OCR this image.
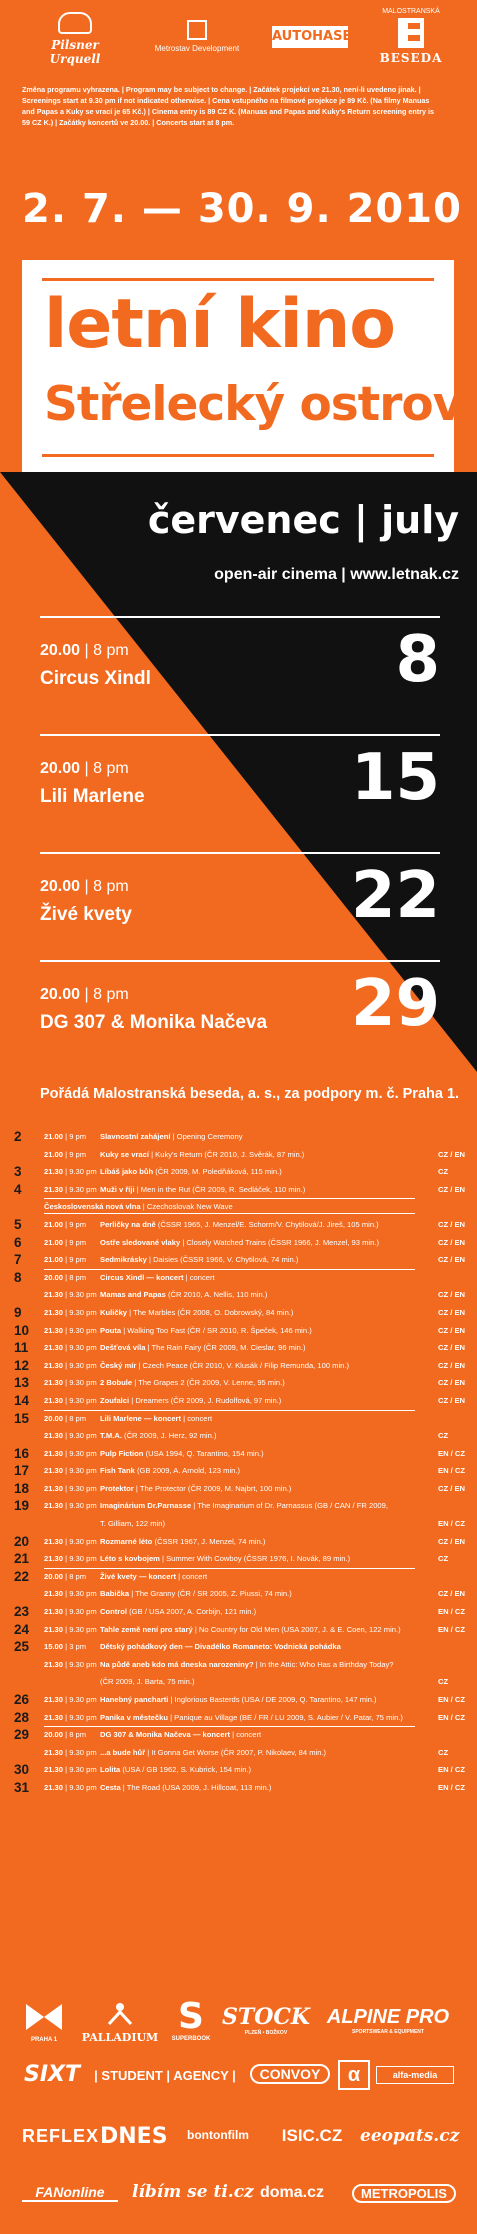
Pilsner Urquell
Metrostav Development
AUTOHASE
MALOSTRANSKÁ
BESEDA
Změna programu vyhrazena. | Program may be subject to change. | Začátek projekcí ve 21.30, není-li uvedeno jinak. | Screenings start at 9.30 pm if not indicated otherwise. | Cena vstupného na filmové projekce je 89 Kč. (Na filmy Manuas and Papas a Kuky se vrací je 65 Kč.) | Cinema entry is 89 CZ K. (Manuas and Papas and Kuky's Return screening entry is 59 CZ K.) | Začátky koncertů ve 20.00. | Concerts start at 8 pm.
2. 7. — 30. 9. 2010
letní kino
Střelecký ostrov
červenec | july
open-air cinema | www.letnak.cz
20.00 | 8 pm
Circus Xindl	8
20.00 | 8 pm
Lili Marlene	15
20.00 | 8 pm
Živé kvety	22
20.00 | 8 pm
DG 307 & Monika Načeva 29
Pořádá Malostranská beseda, a. s., za podpory m. č. Praha 1.
2	21.00 | 9 pm	Slavnostní zahájení | Opening Ceremony
21.00 | 9 pm	Kuky se vrací | Kuky's Return (ČR 2010, J. Svěrák, 87 min.)	CZ / EN
3	21.30 | 9.30 pm Líbáš jako bůh (ČR 2009, M. Poledňáková, 115 min.)	CZ
4	21.30 | 9.30 pm Muži v říji | Men in the Rut (ČR 2009, R. Sedláček, 110 min.)	CZ / EN
Československá nová vlna | Czechoslovak New Wave
5	21.00 | 9 pm	Perličky na dně (ČSSR 1965, J. Menzel/E. Schorm/V. Chytilová/J. Jireš, 105 min.)	CZ / EN
6	21.00 | 9 pm	Ostře sledované vlaky | Closely Watched Trains (ČSSR 1966, J. Menzel, 93 min.)	CZ / EN
7	21.00 | 9 pm	Sedmikrásky | Daisies (ČSSR 1966, V. Chytilová, 74 min.)	CZ / EN
8	20.00 | 8 pm	Circus Xindl — koncert | concert
21.30 | 9.30 pm Mamas and Papas (ČR 2010, A. Nellis, 110 min.)	CZ / EN
9	21.30 | 9.30 pm Kuličky | The Marbles (ČR 2008, O. Dobrowský, 84 min.)	CZ / EN
10	21.30 | 9.30 pm Pouta | Walking Too Fast (ČR / SR 2010, R. Špeček, 146 min.)	CZ / EN
11	21.30 | 9.30 pm Dešťová víla | The Rain Fairy (ČR 2009, M. Cieslar, 96 min.)	CZ / EN
12	21.30 | 9.30 pm Český mír | Czech Peace (ČR 2010, V. Klusák / Filip Remunda, 100 min.)	CZ / EN
13	21.30 | 9.30 pm 2 Bobule | The Grapes 2 (ČR 2009, V. Lenne, 95 min.)	CZ / EN
14	21.30 | 9.30 pm Zoufalci | Dreamers (ČR 2009, J. Rudolfová, 97 min.)	CZ / EN
15	20.00 | 8 pm	Lili Marlene — koncert | concert
21.30 | 9.30 pm T.M.A. (ČR 2009, J. Herz, 92 min.)	CZ
16	21.30 | 9.30 pm Pulp Fiction (USA 1994, Q. Tarantino, 154 min.)	EN / CZ
17	21.30 | 9.30 pm Fish Tank (GB 2009, A. Arnold, 123 min.)	EN / CZ
18	21.30 | 9.30 pm Protektor | The Protector (ČR 2009, M. Najbrt, 100 min.)	CZ / EN
19	21.30 | 9.30 pm Imaginárium Dr.Parnasse | The Imaginarium of Dr. Parnassus (GB / CAN / FR 2009,
T. Gilliam, 122 min)	EN / CZ
20	21.30 | 9.30 pm Rozmarné léto (ČSSR 1967, J. Menzel, 74 min.)	CZ / EN
21	21.30 | 9.30 pm Léto s kovbojem | Summer With Cowboy (ČSSR 1976, I. Novák, 89 min.)	CZ
22	20.00 | 8 pm	Živé kvety — koncert | concert
21.30 | 9.30 pm Babička | The Granny (ČR / SR 2005, Z. Piussi, 74 min.)	CZ / EN
23	21.30 | 9.30 pm Control (GB / USA 2007, A. Corbijn, 121 min.)	EN / CZ
24	21.30 | 9.30 pm Tahle země není pro starý | No Country for Old Men (USA 2007, J. & E. Coen, 122 min.)	EN / CZ
25	15.00 | 3 pm	Dětský pohádkový den — Divadélko Romaneto: Vodnická pohádka
21.30 | 9.30 pm Na půdě aneb kdo má dneska narozeniny? | In the Attic: Who Has a Birthday Today?
(ČR 2009, J. Barta, 75 min.)	CZ
26	21.30 | 9.30 pm Hanebný pancharti | Inglorious Basterds (USA / DE 2009, Q. Tarantino, 147 min.)	EN / CZ
28	21.30 | 9.30 pm Panika v městečku | Panique au Village (BE / FR / LU 2009, S. Aubier / V. Patar, 75 min.)	EN / CZ
29	20.00 | 8 pm	DG 307 & Monika Načeva — koncert | concert
21.30 | 9.30 pm ...a bude hůř | It Gonna Get Worse (ČR 2007, P. Nikolaev, 84 min.)	CZ
30	21.30 | 9.30 pm Lolita (USA / GB 1962, S. Kubrick, 154 min.)	EN / CZ
31	21.30 | 9.30 pm Cesta | The Road (USA 2009, J. Hillcoat, 113 min.)	EN / CZ
PRAHA 1	PALLADIUM
S
SUPERBOOK
STOCK
PLZEŇ • BOŽKOV
ALPINE PRO
SPORTSWEAR & EQUIPMENT
SIXT	| STUDENT | AGENCY |	CONVOY	α	alfa-media
REFLEX DNES	bontonfilm	ISIC.CZ	eeopats.cz
FANonline	líbím se ti.cz doma.cz	METROPOLIS
